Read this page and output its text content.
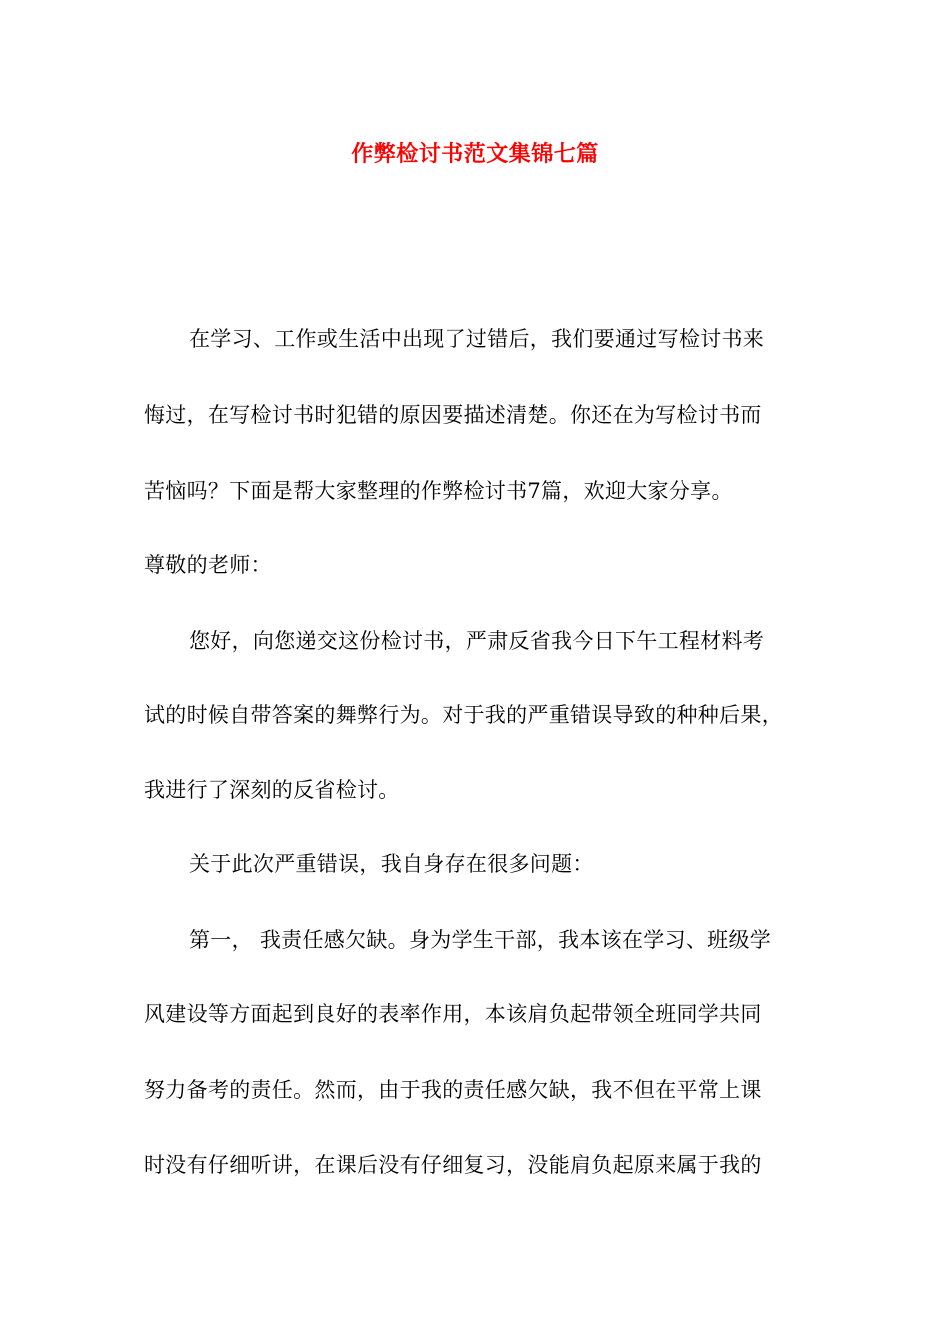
作弊检讨书范文集锦七篇
在学习、工作或生活中出现了过错后，我们要通过写检讨书来
悔过，在写检讨书时犯错的原因要描述清楚。你还在为写检讨书而
苦恼吗？下面是帮大家整理的作弊检讨书7篇，欢迎大家分享。
尊敬的老师：
您好，向您递交这份检讨书，严肃反省我今日下午工程材料考
试的时候自带答案的舞弊行为。对于我的严重错误导致的种种后果，
我进行了深刻的反省检讨。
关于此次严重错误，我自身存在很多问题：
第一， 我责任感欠缺。身为学生干部，我本该在学习、班级学
风建设等方面起到良好的表率作用，本该肩负起带领全班同学共同
努力备考的责任。然而，由于我的责任感欠缺，我不但在平常上课
时没有仔细听讲，在课后没有仔细复习，没能肩负起原来属于我的
